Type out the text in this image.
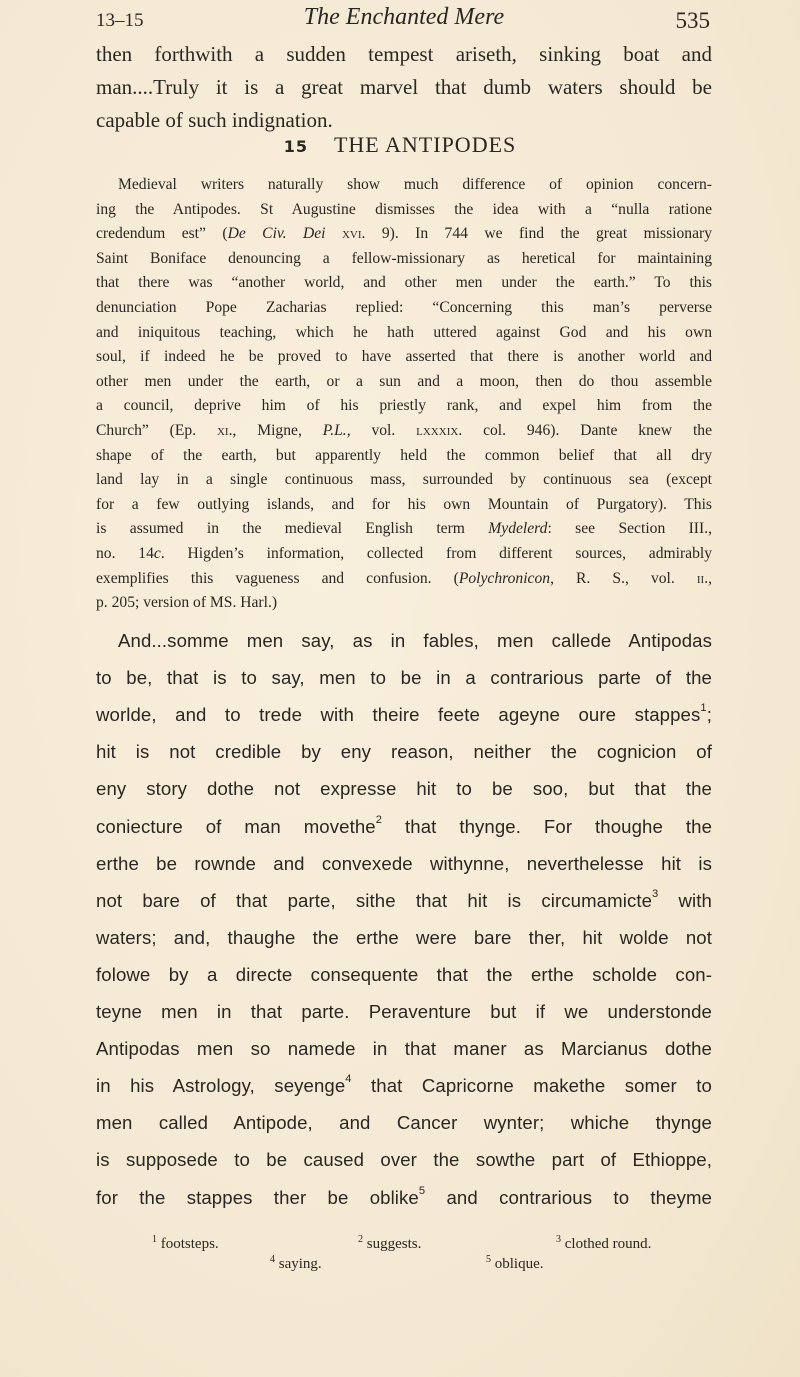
13–15	The Enchanted Mere	535
then forthwith a sudden tempest ariseth, sinking boat and
man....Truly it is a great marvel that dumb waters should be
capable of such indignation.
15 THE ANTIPODES
Medieval writers naturally show much difference of opinion concern-
ing the Antipodes. St Augustine dismisses the idea with a “nulla ratione
credendum est” (De Civ. Dei xvi. 9). In 744 we find the great missionary
Saint Boniface denouncing a fellow-missionary as heretical for maintaining
that there was “another world, and other men under the earth.” To this
denunciation Pope Zacharias replied: “Concerning this man’s perverse
and iniquitous teaching, which he hath uttered against God and his own
soul, if indeed he be proved to have asserted that there is another world and
other men under the earth, or a sun and a moon, then do thou assemble
a council, deprive him of his priestly rank, and expel him from the
Church” (Ep. xi., Migne, P.L., vol. lxxxix. col. 946). Dante knew the
shape of the earth, but apparently held the common belief that all dry
land lay in a single continuous mass, surrounded by continuous sea (except
for a few outlying islands, and for his own Mountain of Purgatory). This
is assumed in the medieval English term Mydelerd: see Section III.,
no. 14c. Higden’s information, collected from different sources, admirably
exemplifies this vagueness and confusion. (Polychronicon, R. S., vol. ii.,
p. 205; version of MS. Harl.)
And...somme men say, as in fables, men callede Antipodas
to be, that is to say, men to be in a contrarious parte of the
worlde, and to trede with theire feete ageyne oure stappes$^1$;
hit is not credible by eny reason, neither the cognicion of
eny story dothe not expresse hit to be soo, but that the
coniecture of man movethe$^2$ that thynge. For thoughe the
erthe be rownde and convexede withynne, neverthelesse hit is
not bare of that parte, sithe that hit is circumamicte$^3$ with
waters; and, thaughe the erthe were bare ther, hit wolde not
folowe by a directe consequente that the erthe scholde con-
teyne men in that parte. Peraventure but if we understonde
Antipodas men so namede in that maner as Marcianus dothe
in his Astrology, seyenge$^4$ that Capricorne makethe somer to
men called Antipode, and Cancer wynter; whiche thynge
is supposede to be caused over the sowthe part of Ethioppe,
for the stappes ther be oblike$^5$ and contrarious to theyme
$^1$ footsteps.	$^2$ suggests.	$^3$ clothed round.
$^4$ saying.	$^5$ oblique.
